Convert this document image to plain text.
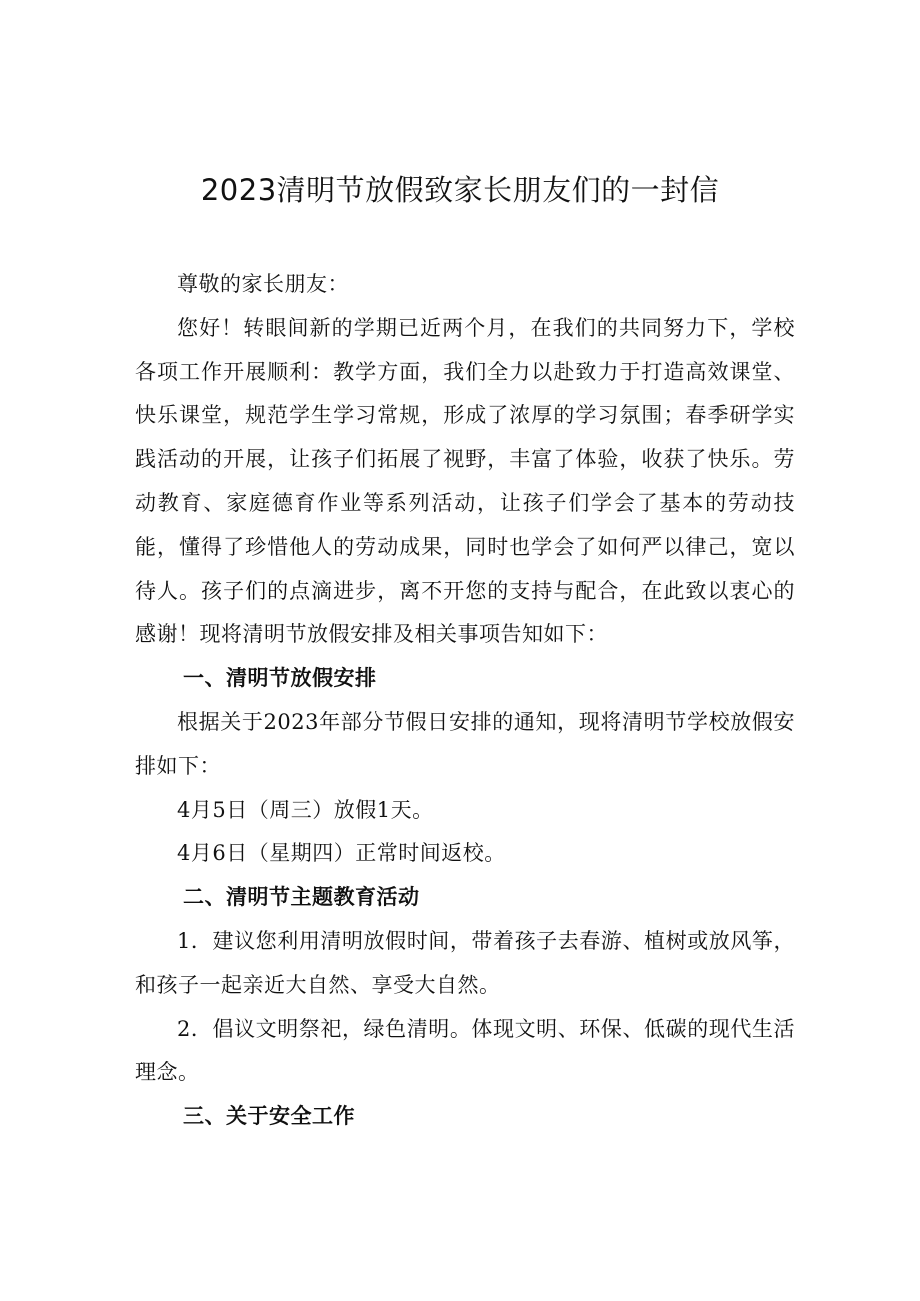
2023清明节放假致家长朋友们的一封信

尊敬的家长朋友：

您好！转眼间新的学期已近两个月，在我们的共同努力下，学校各项工作开展顺利：教学方面，我们全力以赴致力于打造高效课堂、快乐课堂，规范学生学习常规，形成了浓厚的学习氛围；春季研学实践活动的开展，让孩子们拓展了视野，丰富了体验，收获了快乐。劳动教育、家庭德育作业等系列活动，让孩子们学会了基本的劳动技能，懂得了珍惜他人的劳动成果，同时也学会了如何严以律己，宽以待人。孩子们的点滴进步，离不开您的支持与配合，在此致以衷心的感谢！现将清明节放假安排及相关事项告知如下：

一、清明节放假安排

根据关于2023年部分节假日安排的通知，现将清明节学校放假安排如下：

4月5日（周三）放假1天。

4月6日（星期四）正常时间返校。

二、清明节主题教育活动

1．建议您利用清明放假时间，带着孩子去春游、植树或放风筝，和孩子一起亲近大自然、享受大自然。

2．倡议文明祭祀，绿色清明。体现文明、环保、低碳的现代生活理念。

三、关于安全工作
